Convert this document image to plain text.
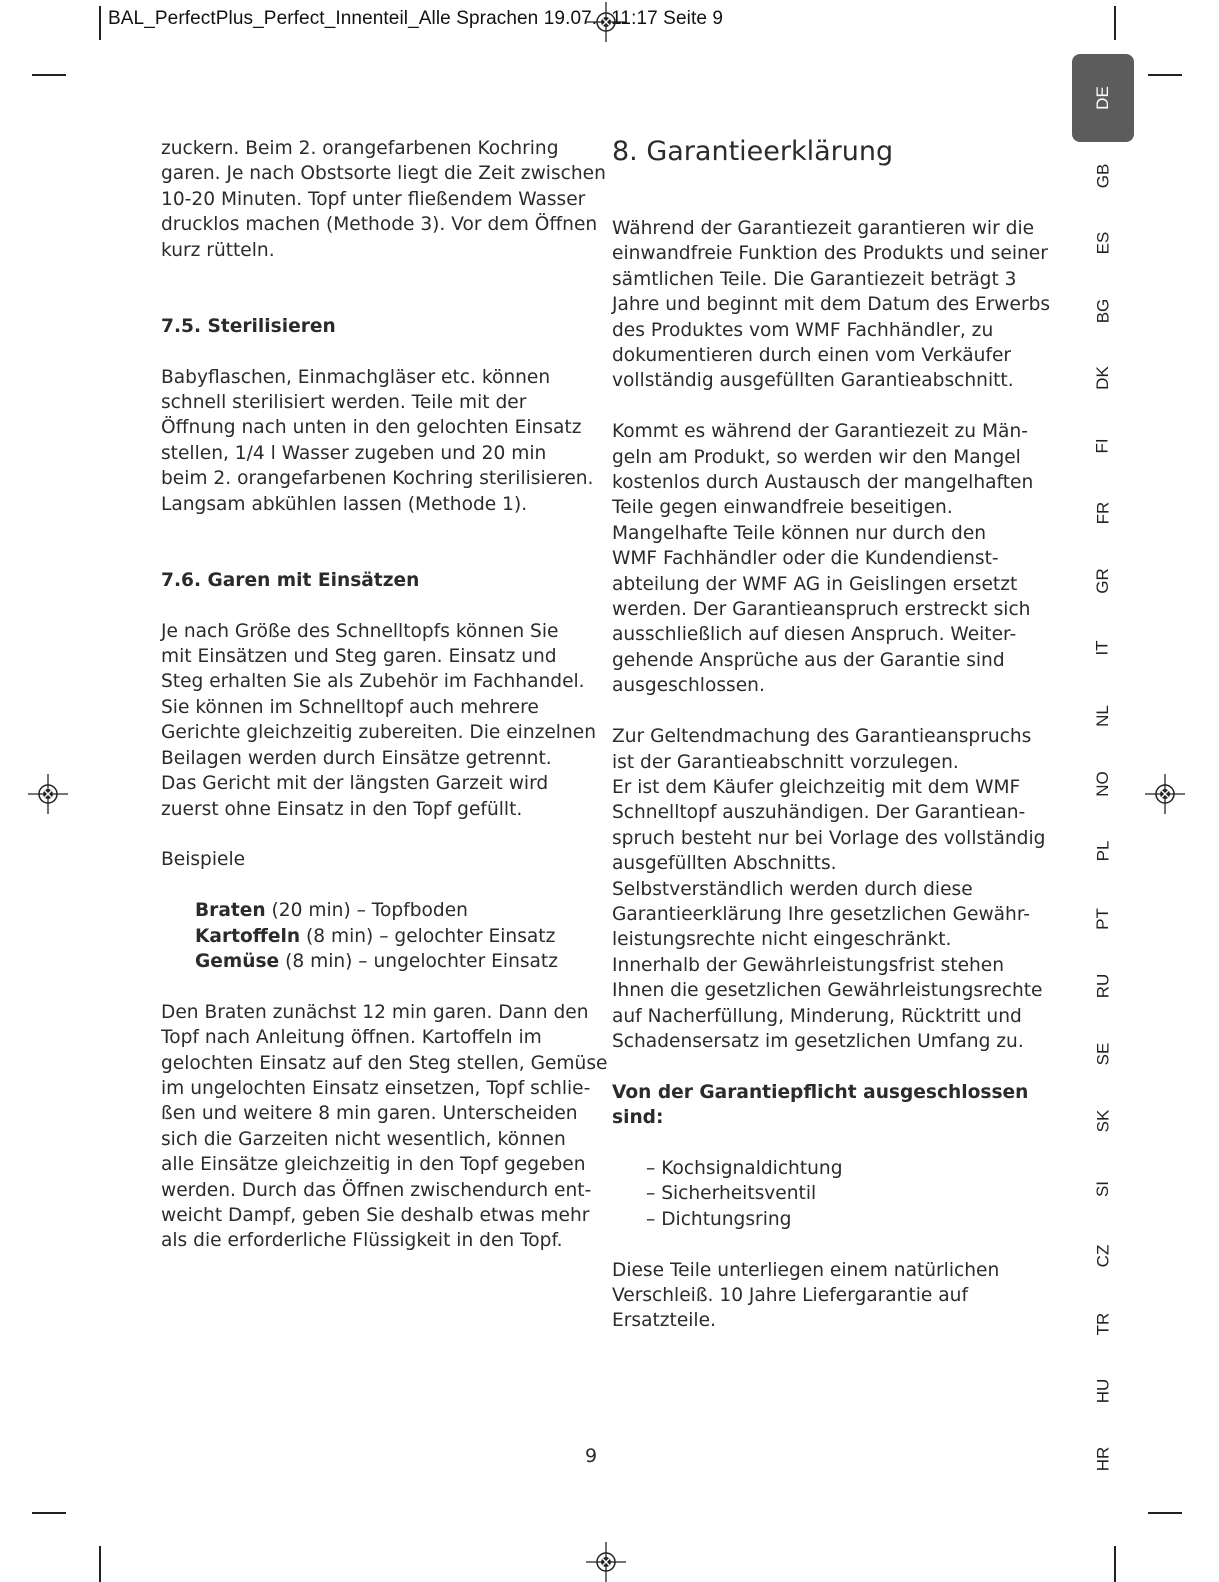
BAL_PerfectPlus_Perfect_Innenteil_Alle Sprachen 19.07. 11:17 Seite 9

zuckern. Beim 2. orangefarbenen Kochring
garen. Je nach Obstsorte liegt die Zeit zwischen
10-20 Minuten. Topf unter fließendem Wasser
drucklos machen (Methode 3). Vor dem Öffnen
kurz rütteln.

7.5. Sterilisieren

Babyflaschen, Einmachgläser etc. können
schnell sterilisiert werden. Teile mit der
Öffnung nach unten in den gelochten Einsatz
stellen, 1/4 l Wasser zugeben und 20 min
beim 2. orangefarbenen Kochring sterilisieren.
Langsam abkühlen lassen (Methode 1).

7.6. Garen mit Einsätzen

Je nach Größe des Schnelltopfs können Sie
mit Einsätzen und Steg garen. Einsatz und
Steg erhalten Sie als Zubehör im Fachhandel.
Sie können im Schnelltopf auch mehrere
Gerichte gleichzeitig zubereiten. Die einzelnen
Beilagen werden durch Einsätze getrennt.
Das Gericht mit der längsten Garzeit wird
zuerst ohne Einsatz in den Topf gefüllt.

Beispiele

Braten (20 min) – Topfboden
Kartoffeln (8 min) – gelochter Einsatz
Gemüse (8 min) – ungelochter Einsatz

Den Braten zunächst 12 min garen. Dann den
Topf nach Anleitung öffnen. Kartoffeln im
gelochten Einsatz auf den Steg stellen, Gemüse
im ungelochten Einsatz einsetzen, Topf schlie-
ßen und weitere 8 min garen. Unterscheiden
sich die Garzeiten nicht wesentlich, können
alle Einsätze gleichzeitig in den Topf gegeben
werden. Durch das Öffnen zwischendurch ent-
weicht Dampf, geben Sie deshalb etwas mehr
als die erforderliche Flüssigkeit in den Topf.

8. Garantieerklärung

Während der Garantiezeit garantieren wir die
einwandfreie Funktion des Produkts und seiner
sämtlichen Teile. Die Garantiezeit beträgt 3
Jahre und beginnt mit dem Datum des Erwerbs
des Produktes vom WMF Fachhändler, zu
dokumentieren durch einen vom Verkäufer
vollständig ausgefüllten Garantieabschnitt.

Kommt es während der Garantiezeit zu Män-
geln am Produkt, so werden wir den Mangel
kostenlos durch Austausch der mangelhaften
Teile gegen einwandfreie beseitigen.
Mangelhafte Teile können nur durch den
WMF Fachhändler oder die Kundendienst-
abteilung der WMF AG in Geislingen ersetzt
werden. Der Garantieanspruch erstreckt sich
ausschließlich auf diesen Anspruch. Weiter-
gehende Ansprüche aus der Garantie sind
ausgeschlossen.

Zur Geltendmachung des Garantieanspruchs
ist der Garantieabschnitt vorzulegen.
Er ist dem Käufer gleichzeitig mit dem WMF
Schnelltopf auszuhändigen. Der Garantiean-
spruch besteht nur bei Vorlage des vollständig
ausgefüllten Abschnitts.
Selbstverständlich werden durch diese
Garantieerklärung Ihre gesetzlichen Gewähr-
leistungsrechte nicht eingeschränkt.
Innerhalb der Gewährleistungsfrist stehen
Ihnen die gesetzlichen Gewährleistungsrechte
auf Nacherfüllung, Minderung, Rücktritt und
Schadensersatz im gesetzlichen Umfang zu.

Von der Garantiepflicht ausgeschlossen sind:

– Kochsignaldichtung
– Sicherheitsventil
– Dichtungsring

Diese Teile unterliegen einem natürlichen
Verschleiß. 10 Jahre Liefergarantie auf
Ersatzteile.

9
DE
GB
ES
BG
DK
FI
FR
GR
IT
NL
NO
PL
PT
RU
SE
SK
SI
CZ
TR
HU
HR
